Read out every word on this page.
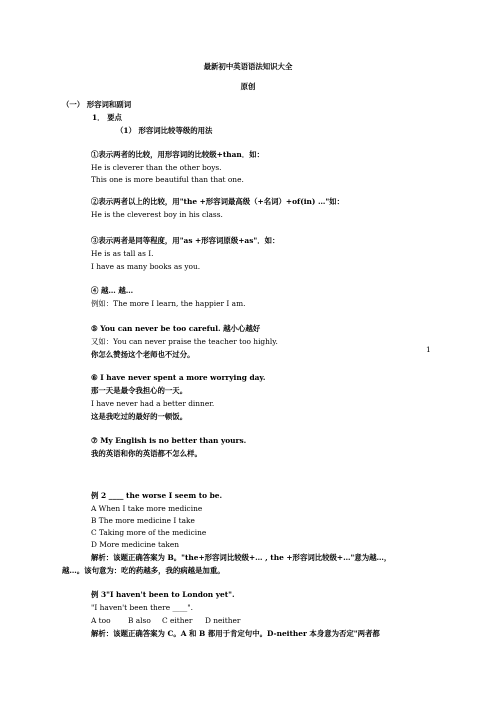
最新初中英语语法知识大全
原创
（一） 形容词和副词
1． 要点
（1） 形容词比较等级的用法
①表示两者的比较，用形容词的比较级+than．如：
He is cleverer than the other boys.
This one is more beautiful than that one.
②表示两者以上的比较，用"the +形容词最高级（+名词）+of(in) …"如：
He is the cleverest boy in his class.
③表示两者是同等程度，用"as +形容词原级+as"．如：
He is as tall as I.
I have as many books as you.
④ 越… 越…
例如：The more I learn, the happier I am.
⑤ You can never be too careful. 越小心越好
又如：You can never praise the teacher too highly.
你怎么赞扬这个老师也不过分。
1
⑥ I have never spent a more worrying day.
那一天是最令我担心的一天。
I have never had a better dinner.
这是我吃过的最好的一顿饭。
⑦ My English is no better than yours.
我的英语和你的英语都不怎么样。
例 2 ____ the worse I seem to be.
A When I take more medicine
B The more medicine I take
C Taking more of the medicine
D More medicine taken
解析：该题正确答案为 B。"the+形容词比较级+… , the +形容词比较级+…"意为越…，
越…。该句意为：吃的药越多，我的病越是加重。
例 3"I haven't been to London yet".
"I haven't been there ____".
A too B also C either D neither
解析：该题正确答案为 C。A 和 B 都用于肯定句中。D-neither 本身意为否定"两者都
